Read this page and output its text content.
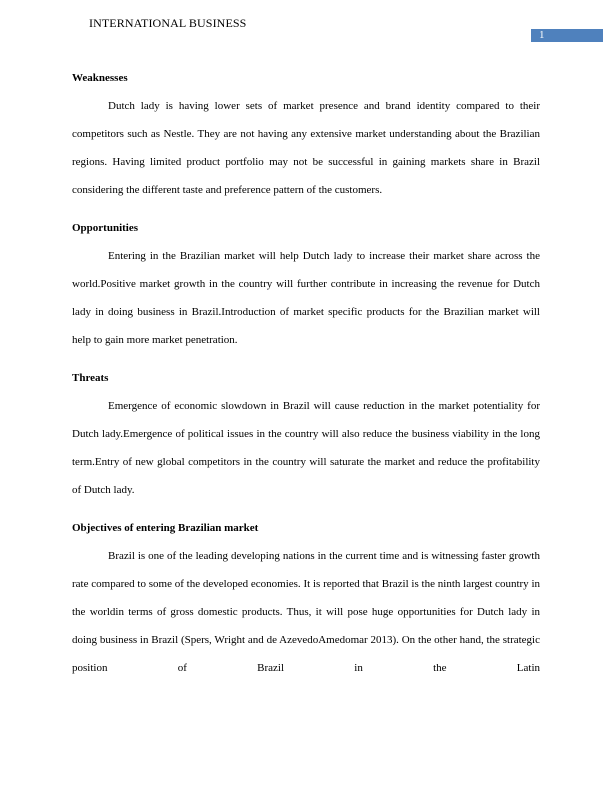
INTERNATIONAL BUSINESS
1

Weaknesses

Dutch lady is having lower sets of market presence and brand identity compared to their competitors such as Nestle. They are not having any extensive market understanding about the Brazilian regions. Having limited product portfolio may not be successful in gaining markets share in Brazil considering the different taste and preference pattern of the customers.

Opportunities

Entering in the Brazilian market will help Dutch lady to increase their market share across the world.Positive market growth in the country will further contribute in increasing the revenue for Dutch lady in doing business in Brazil.Introduction of market specific products for the Brazilian market will help to gain more market penetration.

Threats

Emergence of economic slowdown in Brazil will cause reduction in the market potentiality for Dutch lady.Emergence of political issues in the country will also reduce the business viability in the long term.Entry of new global competitors in the country will saturate the market and reduce the profitability of Dutch lady.

Objectives of entering Brazilian market

Brazil is one of the leading developing nations in the current time and is witnessing faster growth rate compared to some of the developed economies. It is reported that Brazil is the ninth largest country in the worldin terms of gross domestic products. Thus, it will pose huge opportunities for Dutch lady in doing business in Brazil (Spers, Wright and de AzevedoAmedomar 2013). On the other hand, the strategic position of Brazil in the Latin
